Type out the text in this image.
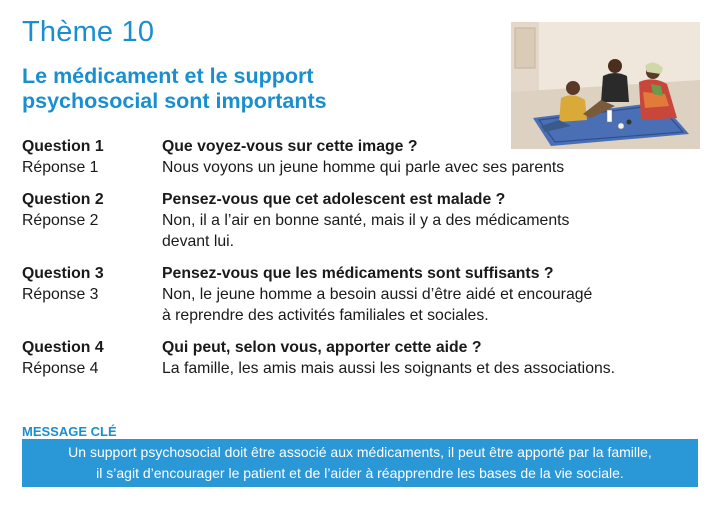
Thème 10
Le médicament et le support
psychosocial sont importants
Question 1	Que voyez-vous sur cette image ?
Réponse 1	Nous voyons un jeune homme qui parle avec ses parents
Question 2	Pensez-vous que cet adolescent est malade ?
Réponse 2	Non, il a l’air en bonne santé, mais il y a des médicaments
devant lui.
Question 3	Pensez-vous que les médicaments sont suffisants ?
Réponse 3	Non, le jeune homme a besoin aussi d’être aidé et encouragé
à reprendre des activités familiales et sociales.
Question 4	Qui peut, selon vous, apporter cette aide ?
Réponse 4	La famille, les amis mais aussi les soignants et des associations.
MESSAGE CLÉ
Un support psychosocial doit être associé aux médicaments, il peut être apporté par la famille,
il s’agit d’encourager le patient et de l’aider à réapprendre les bases de la vie sociale.
